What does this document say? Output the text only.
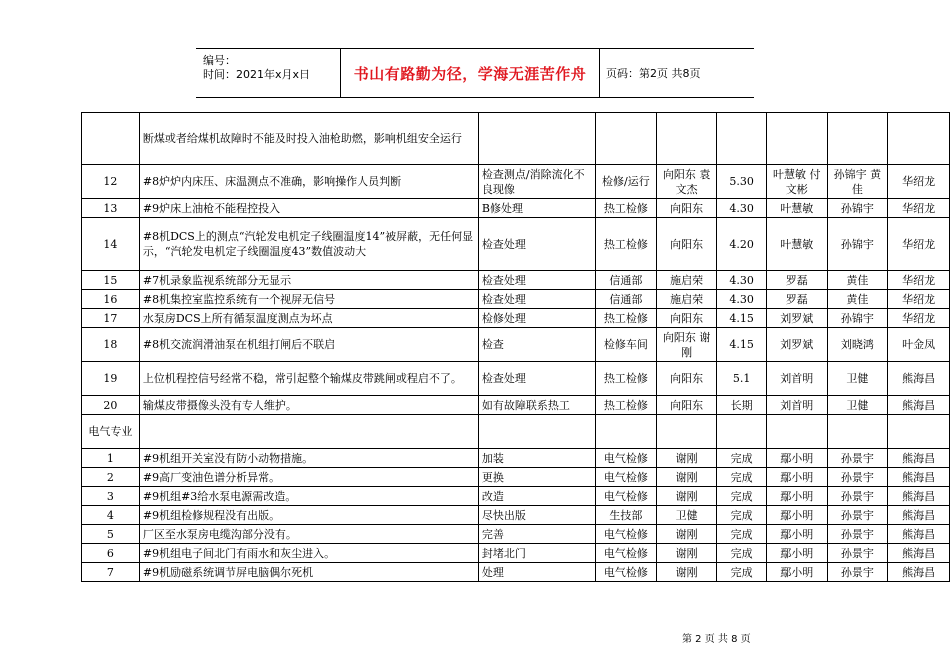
编号：
时间：2021年x月x日	书山有路勤为径，学海无涯苦作舟 页码：第2页 共8页
	断煤或者给煤机故障时不能及时投入油枪助燃，影响机组安全运行							
12	#8炉炉内床压、床温测点不准确，影响操作人员判断	检查测点/消除流化不良现像	检修/运行	向阳东 袁文杰	5.30	叶慧敏 付文彬	孙锦宇 黄佳	华绍龙
13	#9炉床上油枪不能程控投入	B修处理	热工检修	向阳东	4.30	叶慧敏	孙锦宇	华绍龙
14	#8机DCS上的测点“汽轮发电机定子线圈温度14”被屏蔽，无任何显示，“汽轮发电机定子线圈温度43”数值波动大	检查处理	热工检修	向阳东	4.20	叶慧敏	孙锦宇	华绍龙
15	#7机录象监视系统部分无显示	检查处理	信通部	施启荣	4.30	罗磊	黄佳	华绍龙
16	#8机集控室监控系统有一个视屏无信号	检查处理	信通部	施启荣	4.30	罗磊	黄佳	华绍龙
17	水泵房DCS上所有循泵温度测点为坏点	检修处理	热工检修	向阳东	4.15	刘罗斌	孙锦宇	华绍龙
18	#8机交流润滑油泵在机组打闸后不联启	检查	检修车间	向阳东 谢刚	4.15	刘罗斌	刘晓鸿	叶金凤
19	上位机程控信号经常不稳，常引起整个输煤皮带跳闸或程启不了。	检查处理	热工检修	向阳东	5.1	刘首明	卫健	熊海昌
20	输煤皮带摄像头没有专人维护。	如有故障联系热工	热工检修	向阳东	长期	刘首明	卫健	熊海昌
电气专业								
1	#9机组开关室没有防小动物措施。	加装	电气检修	谢刚	完成	鄢小明	孙景宇	熊海昌
2	#9高厂变油色谱分析异常。	更换	电气检修	谢刚	完成	鄢小明	孙景宇	熊海昌
3	#9机组#3给水泵电源需改造。	改造	电气检修	谢刚	完成	鄢小明	孙景宇	熊海昌
4	#9机组检修规程没有出版。	尽快出版	生技部	卫健	完成	鄢小明	孙景宇	熊海昌
5	厂区至水泵房电缆沟部分没有。	完善	电气检修	谢刚	完成	鄢小明	孙景宇	熊海昌
6	#9机组电子间北门有雨水和灰尘进入。	封堵北门	电气检修	谢刚	完成	鄢小明	孙景宇	熊海昌
7	#9机励磁系统调节屏电脑偶尔死机	处理	电气检修	谢刚	完成	鄢小明	孙景宇	熊海昌
第 2 页 共 8 页
